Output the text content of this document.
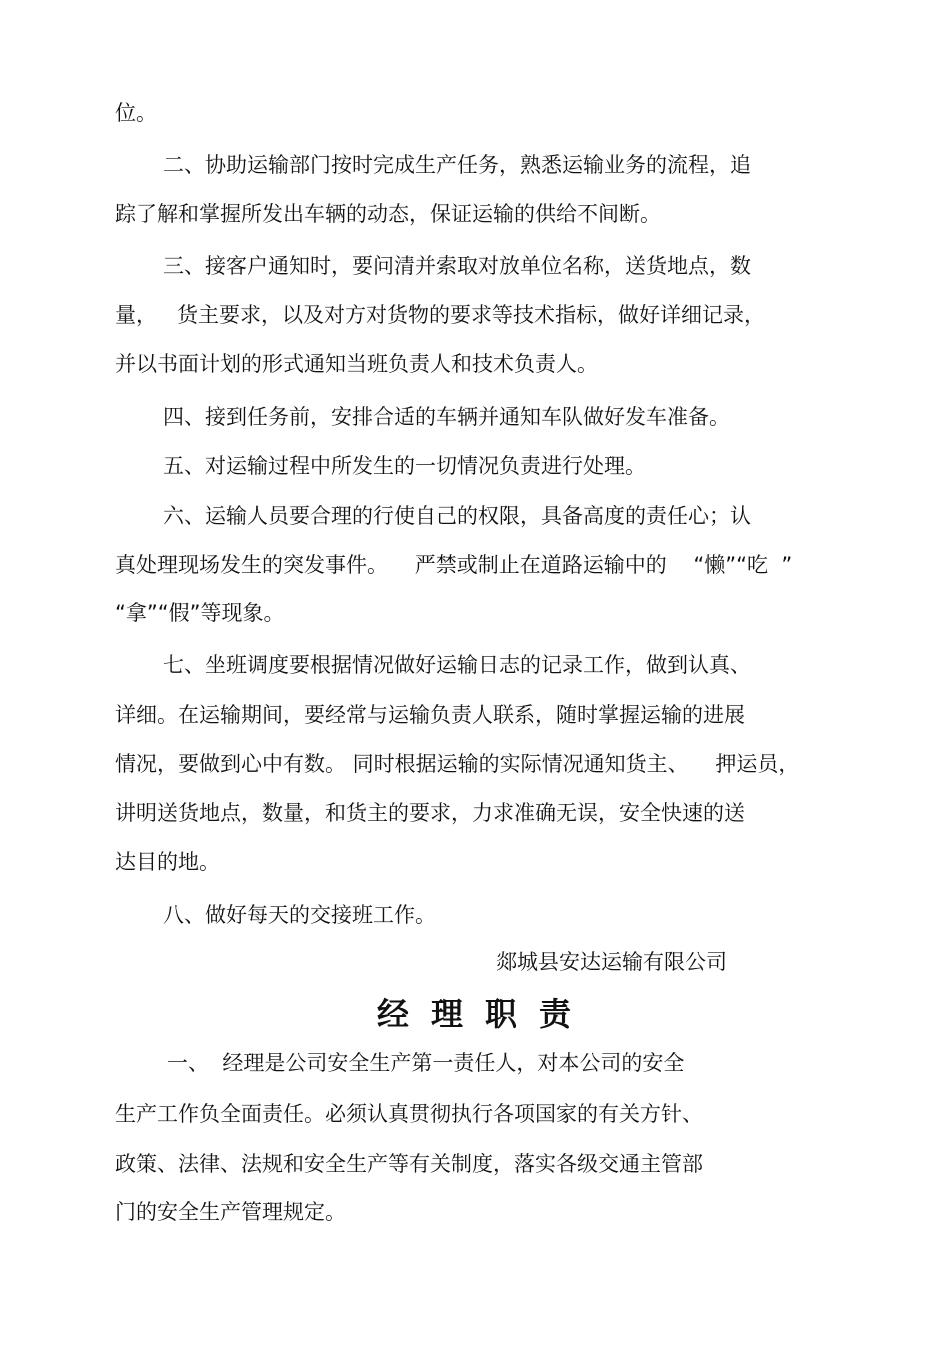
位。

二、协助运输部门按时完成生产任务，熟悉运输业务的流程，追

踪了解和掌握所发出车辆的动态，保证运输的供给不间断。

三、接客户通知时，要问清并索取对放单位名称，送货地点，数

量，   货主要求，以及对方对货物的要求等技术指标，做好详细记录，

并以书面计划的形式通知当班负责人和技术负责人。

四、接到任务前，安排合适的车辆并通知车队做好发车准备。

五、对运输过程中所发生的一切情况负责进行处理。

六、运输人员要合理的行使自己的权限，具备高度的责任心；认

真处理现场发生的突发事件。    严禁或制止在道路运输中的    “懒”“吃  ”

“拿”“假”等现象。

七、坐班调度要根据情况做好运输日志的记录工作，做到认真、

详细。在运输期间，要经常与运输负责人联系，随时掌握运输的进展

情况，要做到心中有数。 同时根据运输的实际情况通知货主、    押运员，

讲明送货地点，数量，和货主的要求，力求准确无误，安全快速的送

达目的地。

八、做好每天的交接班工作。

郯城县安达运输有限公司

经理职责

一、  经理是公司安全生产第一责任人，对本公司的安全

生产工作负全面责任。必须认真贯彻执行各项国家的有关方针、

政策、法律、法规和安全生产等有关制度，落实各级交通主管部

门的安全生产管理规定。
